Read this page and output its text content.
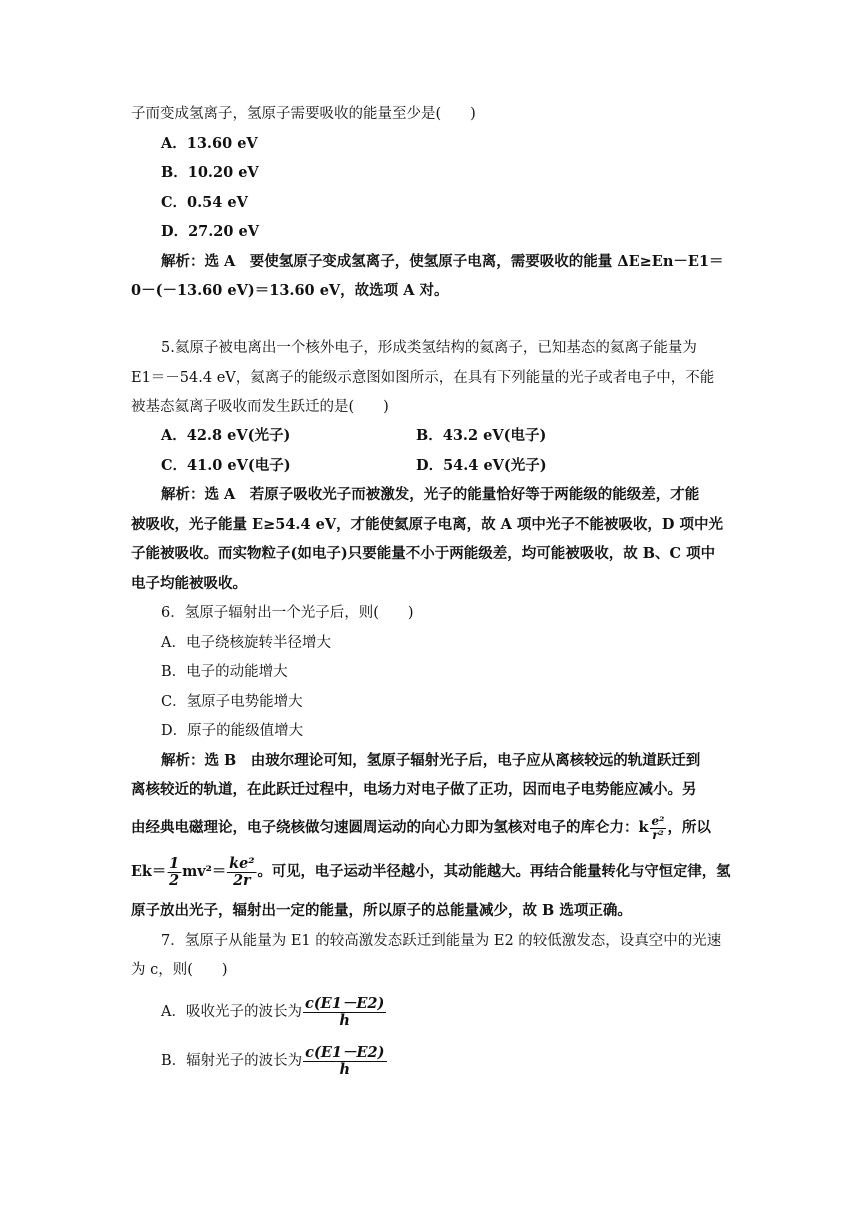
子而变成氢离子，氢原子需要吸收的能量至少是(　　)
A．13.60 eV
B．10.20 eV
C．0.54 eV
D．27.20 eV
解析：选 A　要使氢原子变成氢离子，使氢原子电离，需要吸收的能量 ΔE≥En－E1＝
0－(－13.60 eV)＝13.60 eV，故选项 A 对。
5.氦原子被电离出一个核外电子，形成类氢结构的氦离子，已知基态的氦离子能量为
E1＝－54.4 eV，氦离子的能级示意图如图所示，在具有下列能量的光子或者电子中，不能
被基态氦离子吸收而发生跃迁的是(　　)
A．42.8 eV(光子)	B．43.2 eV(电子)
C．41.0 eV(电子)	D．54.4 eV(光子)
解析：选 A　若原子吸收光子而被激发，光子的能量恰好等于两能级的能级差，才能
被吸收，光子能量 E≥54.4 eV，才能使氦原子电离，故 A 项中光子不能被吸收，D 项中光
子能被吸收。而实物粒子(如电子)只要能量不小于两能级差，均可能被吸收，故 B、C 项中
电子均能被吸收。
6．氢原子辐射出一个光子后，则(　　)
A．电子绕核旋转半径增大
B．电子的动能增大
C．氢原子电势能增大
D．原子的能级值增大
解析：选 B　由玻尔理论可知，氢原子辐射光子后，电子应从离核较远的轨道跃迁到
离核较近的轨道，在此跃迁过程中，电场力对电子做了正功，因而电子电势能应减小。另
由经典电磁理论，电子绕核做匀速圆周运动的向心力即为氢核对电子的库仑力：k $\frac{\text{e²}}{\text{r²}}$ ，所以
$Ek= \frac{1}{2} mv^2= \frac{\text{ke²}}{2r}$ 。可见，电子运动半径越小，其动能越大。再结合能量转化与守恒定律，氢
原子放出光子，辐射出一定的能量，所以原子的总能量减少，故 B 选项正确。
7．氢原子从能量为 E1 的较高激发态跃迁到能量为 E2 的较低激发态，设真空中的光速
为 c，则(　　)
A．吸收光子的波长为 $\frac{c(E1-E2)}{h}$
B．辐射光子的波长为 $\frac{c(E1-E2)}{h}$
